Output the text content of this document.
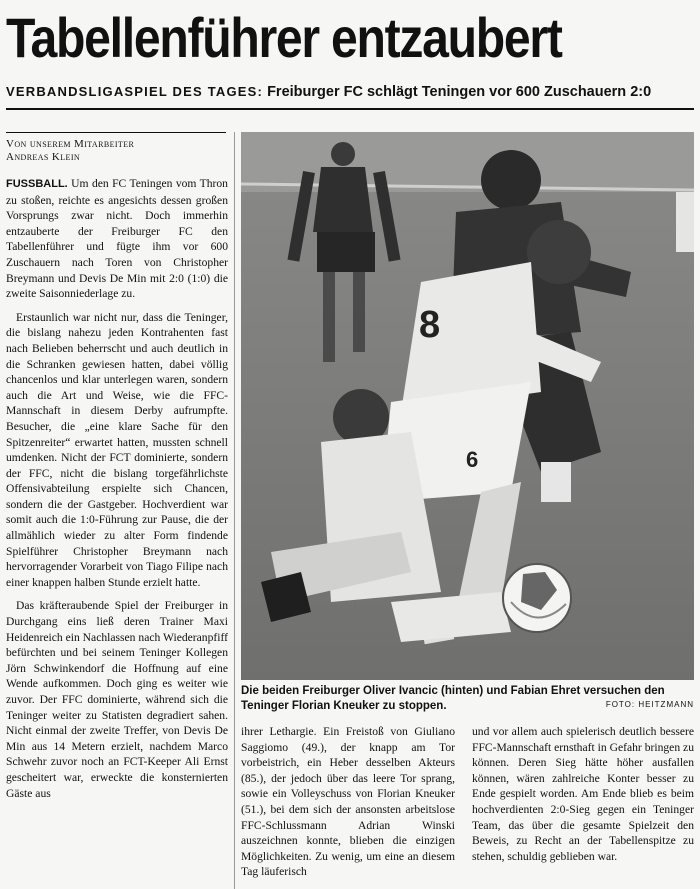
Tabellenführer entzaubert
VERBANDSLIGASPIEL DES TAGES: Freiburger FC schlägt Teningen vor 600 Zuschauern 2:0
Von unserem Mitarbeiter
Andreas Klein

FUSSBALL. Um den FC Teningen vom Thron zu stoßen, reichte es angesichts dessen großen Vorsprungs zwar nicht. Doch immerhin entzauberte der Freiburger FC den Tabellenführer und fügte ihm vor 600 Zuschauern nach Toren von Christopher Breymann und Devis De Min mit 2:0 (1:0) die zweite Saisonniederlage zu.

Erstaunlich war nicht nur, dass die Teninger, die bislang nahezu jeden Kontrahenten fast nach Belieben beherrscht und auch deutlich in die Schranken gewiesen hatten, dabei völlig chancenlos und klar unterlegen waren, sondern auch die Art und Weise, wie die FFC-Mannschaft in diesem Derby aufrumpfte. Besucher, die „eine klare Sache für den Spitzenreiter“ erwartet hatten, mussten schnell umdenken. Nicht der FCT dominierte, sondern der FFC, nicht die bislang torgefährlichste Offensivabteilung erspielte sich Chancen, sondern die der Gastgeber. Hochverdient war somit auch die 1:0-Führung zur Pause, die der allmählich wieder zu alter Form findende Spielführer Christopher Breymann nach hervorragender Vorarbeit von Tiago Filipe nach einer knappen halben Stunde erzielt hatte.

Das kräfteraubende Spiel der Freiburger in Durchgang eins ließ deren Trainer Maxi Heidenreich ein Nachlassen nach Wiederanpfiff befürchten und bei seinem Teninger Kollegen Jörn Schwinkendorf die Hoffnung auf eine Wende aufkommen. Doch ging es weiter wie zuvor. Der FFC dominierte, während sich die Teninger weiter zu Statisten degradiert sahen. Nicht einmal der zweite Treffer, von Devis De Min aus 14 Metern erzielt, nachdem Marco Schwehr zuvor noch an FCT-Keeper Ali Ernst gescheitert war, erweckte die konsternierten Gäste aus

8
6
Die beiden Freiburger Oliver Ivancic (hinten) und Fabian Ehret versuchen den Teninger Florian Kneuker zu stoppen.	FOTO: HEITZMANN

ihrer Lethargie. Ein Freistoß von Giuliano Saggiomo (49.), der knapp am Tor vorbeistrich, ein Heber desselben Akteurs (85.), der jedoch über das leere Tor sprang, sowie ein Volleyschuss von Florian Kneuker (51.), bei dem sich der ansonsten arbeitslose FFC-Schlussmann Adrian Winski auszeichnen konnte, blieben die einzigen Möglichkeiten. Zu wenig, um eine an diesem Tag läuferisch

und vor allem auch spielerisch deutlich bessere FFC-Mannschaft ernsthaft in Gefahr bringen zu können. Deren Sieg hätte höher ausfallen können, wären zahlreiche Konter besser zu Ende gespielt worden. Am Ende blieb es beim hochverdienten 2:0-Sieg gegen ein Teninger Team, das über die gesamte Spielzeit den Beweis, zu Recht an der Tabellenspitze zu stehen, schuldig geblieben war.
